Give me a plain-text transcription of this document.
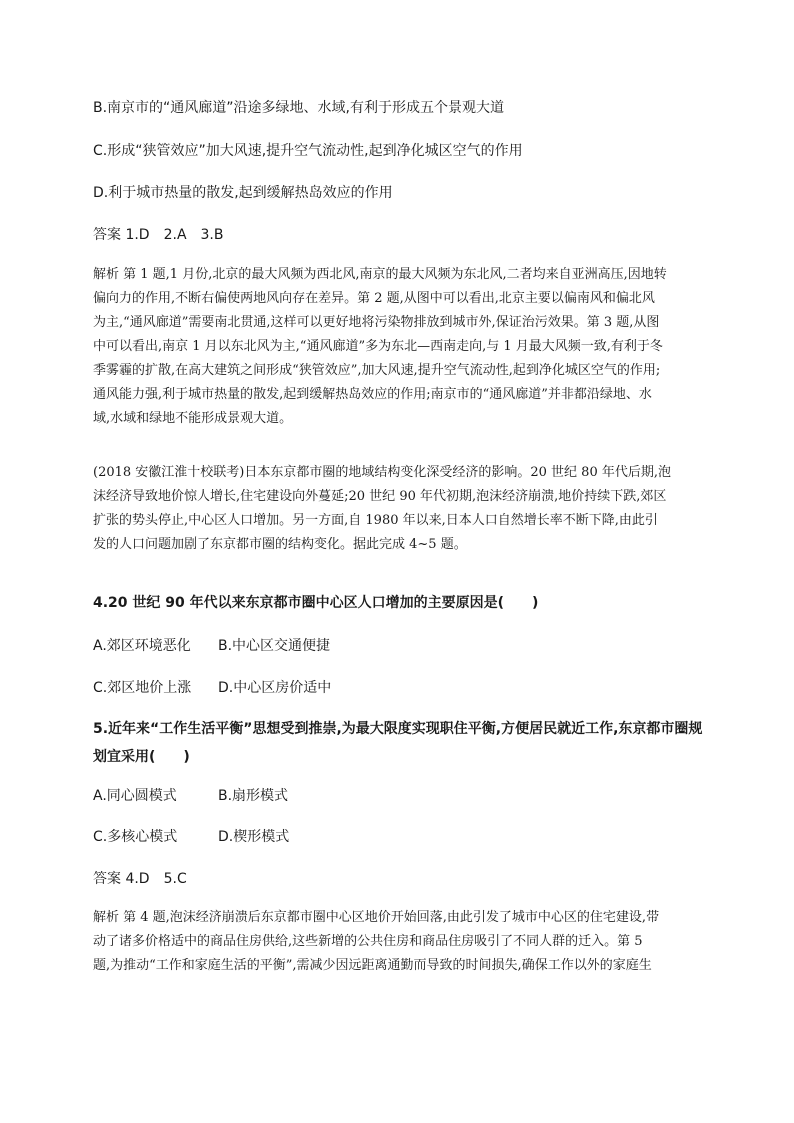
B.南京市的“通风廊道”沿途多绿地、水域,有利于形成五个景观大道
C.形成“狭管效应”加大风速,提升空气流动性,起到净化城区空气的作用
D.利于城市热量的散发,起到缓解热岛效应的作用
答案 1.D　2.A　3.B

解析 第 1 题,1 月份,北京的最大风频为西北风,南京的最大风频为东北风,二者均来自亚洲高压,因地转

偏向力的作用,不断右偏使两地风向存在差异。第 2 题,从图中可以看出,北京主要以偏南风和偏北风

为主,“通风廊道”需要南北贯通,这样可以更好地将污染物排放到城市外,保证治污效果。第 3 题,从图

中可以看出,南京 1 月以东北风为主,“通风廊道”多为东北—西南走向,与 1 月最大风频一致,有利于冬

季雾霾的扩散,在高大建筑之间形成“狭管效应”,加大风速,提升空气流动性,起到净化城区空气的作用;

通风能力强,利于城市热量的散发,起到缓解热岛效应的作用;南京市的“通风廊道”并非都沿绿地、水

域,水域和绿地不能形成景观大道。

(2018 安徽江淮十校联考)日本东京都市圈的地域结构变化深受经济的影响。20 世纪 80 年代后期,泡

沫经济导致地价惊人增长,住宅建设向外蔓延;20 世纪 90 年代初期,泡沫经济崩溃,地价持续下跌,郊区

扩张的势头停止,中心区人口增加。另一方面,自 1980 年以来,日本人口自然增长率不断下降,由此引

发的人口问题加剧了东京都市圈的结构变化。据此完成 4~5 题。

4.20 世纪 90 年代以来东京都市圈中心区人口增加的主要原因是(　　)
A.郊区环境恶化 B.中心区交通便捷
C.郊区地价上涨 D.中心区房价适中
5.近年来“工作生活平衡”思想受到推崇,为最大限度实现职住平衡,方便居民就近工作,东京都市圈规
划宜采用(　　)
A.同心圆模式	B.扇形模式
C.多核心模式	D.楔形模式
答案 4.D　5.C

解析 第 4 题,泡沫经济崩溃后东京都市圈中心区地价开始回落,由此引发了城市中心区的住宅建设,带

动了诸多价格适中的商品住房供给,这些新增的公共住房和商品住房吸引了不同人群的迁入。第 5

题,为推动“工作和家庭生活的平衡”,需减少因远距离通勤而导致的时间损失,确保工作以外的家庭生
